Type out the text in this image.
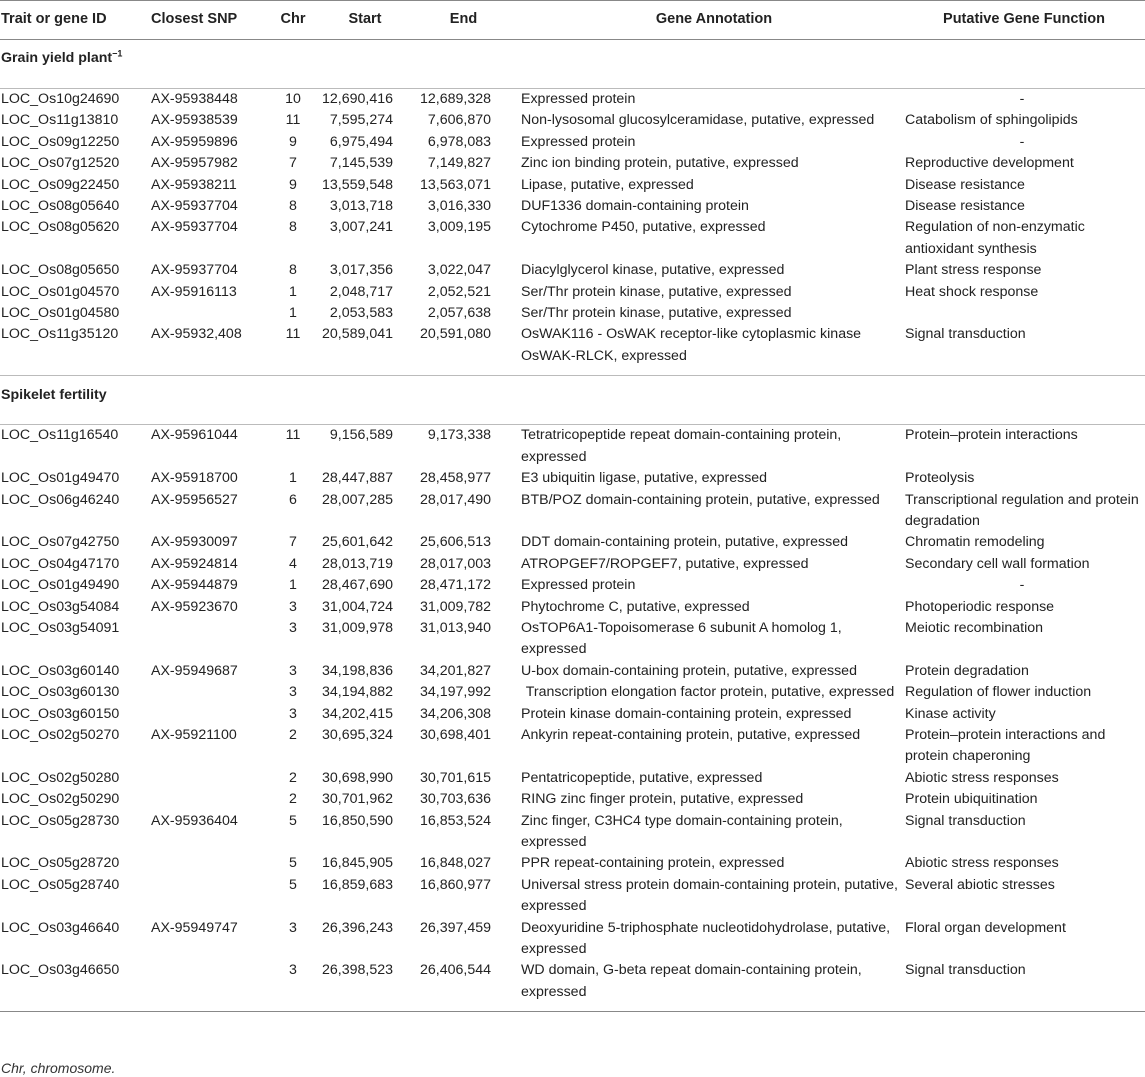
Trait or gene ID	Closest SNP	Chr	Start	End	Gene Annotation	Putative Gene Function
Grain yield plant$^{-1}$

LOC_Os10g24690	AX-95938448	10	12,690,416	12,689,328	Expressed protein	-
LOC_Os11g13810	AX-95938539	11	7,595,274	7,606,870	Non-lysosomal glucosylceramidase, putative, expressed	Catabolism of sphingolipids
LOC_Os09g12250	AX-95959896	9	6,975,494	6,978,083	Expressed protein	-
LOC_Os07g12520	AX-95957982	7	7,145,539	7,149,827	Zinc ion binding protein, putative, expressed	Reproductive development
LOC_Os09g22450	AX-95938211	9	13,559,548	13,563,071	Lipase, putative, expressed	Disease resistance
LOC_Os08g05640	AX-95937704	8	3,013,718	3,016,330	DUF1336 domain-containing protein	Disease resistance
LOC_Os08g05620	AX-95937704	8	3,007,241	3,009,195	Cytochrome P450, putative, expressed	Regulation of non-enzymatic antioxidant synthesis
LOC_Os08g05650	AX-95937704	8	3,017,356	3,022,047	Diacylglycerol kinase, putative, expressed	Plant stress response
LOC_Os01g04570	AX-95916113	1	2,048,717	2,052,521	Ser/Thr protein kinase, putative, expressed	Heat shock response
LOC_Os01g04580		1	2,053,583	2,057,638	Ser/Thr protein kinase, putative, expressed	
LOC_Os11g35120	AX-95932,408	11	20,589,041	20,591,080	OsWAK116 - OsWAK receptor-like cytoplasmic kinase OsWAK-RLCK, expressed	Signal transduction

Spikelet fertility						

LOC_Os11g16540	AX-95961044	11	9,156,589	9,173,338	Tetratricopeptide repeat domain-containing protein, expressed	Protein–protein interactions
LOC_Os01g49470	AX-95918700	1	28,447,887	28,458,977	E3 ubiquitin ligase, putative, expressed	Proteolysis
LOC_Os06g46240	AX-95956527	6	28,007,285	28,017,490	BTB/POZ domain-containing protein, putative, expressed	Transcriptional regulation and protein degradation
LOC_Os07g42750	AX-95930097	7	25,601,642	25,606,513	DDT domain-containing protein, putative, expressed	Chromatin remodeling
LOC_Os04g47170	AX-95924814	4	28,013,719	28,017,003	ATROPGEF7/ROPGEF7, putative, expressed	Secondary cell wall formation
LOC_Os01g49490	AX-95944879	1	28,467,690	28,471,172	Expressed protein	-
LOC_Os03g54084	AX-95923670	3	31,004,724	31,009,782	Phytochrome C, putative, expressed	Photoperiodic response
LOC_Os03g54091		3	31,009,978	31,013,940	OsTOP6A1-Topoisomerase 6 subunit A homolog 1, expressed	Meiotic recombination
LOC_Os03g60140	AX-95949687	3	34,198,836	34,201,827	U-box domain-containing protein, putative, expressed	Protein degradation
LOC_Os03g60130		3	34,194,882	34,197,992	Transcription elongation factor protein, putative, expressed	Regulation of flower induction
LOC_Os03g60150		3	34,202,415	34,206,308	Protein kinase domain-containing protein, expressed	Kinase activity
LOC_Os02g50270	AX-95921100	2	30,695,324	30,698,401	Ankyrin repeat-containing protein, putative, expressed	Protein–protein interactions and protein chaperoning
LOC_Os02g50280		2	30,698,990	30,701,615	Pentatricopeptide, putative, expressed	Abiotic stress responses
LOC_Os02g50290		2	30,701,962	30,703,636	RING zinc finger protein, putative, expressed	Protein ubiquitination
LOC_Os05g28730	AX-95936404	5	16,850,590	16,853,524	Zinc finger, C3HC4 type domain-containing protein, expressed	Signal transduction
LOC_Os05g28720		5	16,845,905	16,848,027	PPR repeat-containing protein, expressed	Abiotic stress responses
LOC_Os05g28740		5	16,859,683	16,860,977	Universal stress protein domain-containing protein, putative, expressed	Several abiotic stresses
LOC_Os03g46640	AX-95949747	3	26,396,243	26,397,459	Deoxyuridine 5-triphosphate nucleotidohydrolase, putative, expressed	Floral organ development
LOC_Os03g46650		3	26,398,523	26,406,544	WD domain, G-beta repeat domain-containing protein, expressed	Signal transduction

Chr, chromosome.
